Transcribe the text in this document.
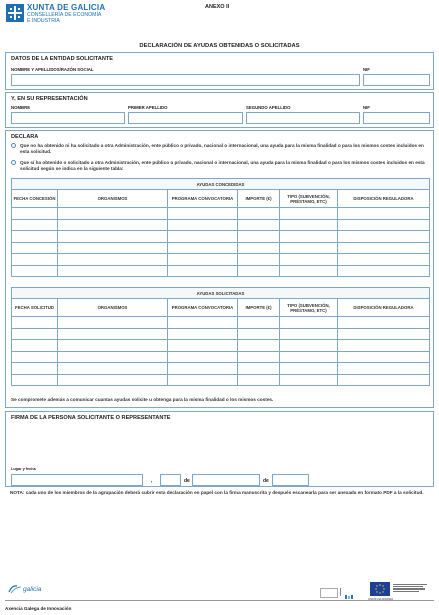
XUNTA DE GALICIA
CONSELLERÍA DE ECONOMÍA
E INDUSTRIA
ANEXO II
DECLARACIÓN DE AYUDAS OBTENIDAS O SOLICITADAS
DATOS DE LA ENTIDAD SOLICITANTE
NOMBRE Y APELLIDOS/RAZÓN SOCIAL	NIF
Y, EN SU REPRESENTACIÓN
NOMBRE	PRIMER APELLIDO	SEGUNDO APELLIDO	NIF
DECLARA
Que no ha obtenido ni ha solicitado a otra Administración, ente público o privado, nacional o internacional, una ayuda para la misma finalidad o para los mismos costes incluidos en esta solicitud.
Que sí ha obtenido o solicitado a otra Administración, ente público o privado, nacional o internacional, una ayuda para la misma finalidad o para los mismos costes incluidos en esta solicitud según se indica en la siguiente tabla:
AYUDAS CONCEDIDAS					
FECHA CONCESIÓN	ORGANISMOS	PROGRAMA CONVOCATORIA	IMPORTE (€)	TIPO (SUBVENCIÓN, PRÉSTAMO, ETC)	DISPOSICIÓN REGULADORA

AYUDAS SOLICITADAS					
FECHA SOLICITUD	ORGANISMOS	PROGRAMA CONVOCATORIA	IMPORTE (€)	TIPO (SUBVENCIÓN, PRÉSTAMO, ETC)	DISPOSICIÓN REGULADORA

Se compromete además a comunicar cuantas ayudas solicite u obtenga para la misma finalidad o los mismos costes.
FIRMA DE LA PERSONA SOLICITANTE O REPRESENTANTE
Lugar y fecha
,	de	de
NOTA: cada uno de los miembros de la agrupación deberá cubrir esta declaración en papel con la firma manuscrita y después escanearla para ser anexada en formato PDF a la solicitud.
galicia
UNIÓN EUROPEA
Axencia Galega de Innovación
